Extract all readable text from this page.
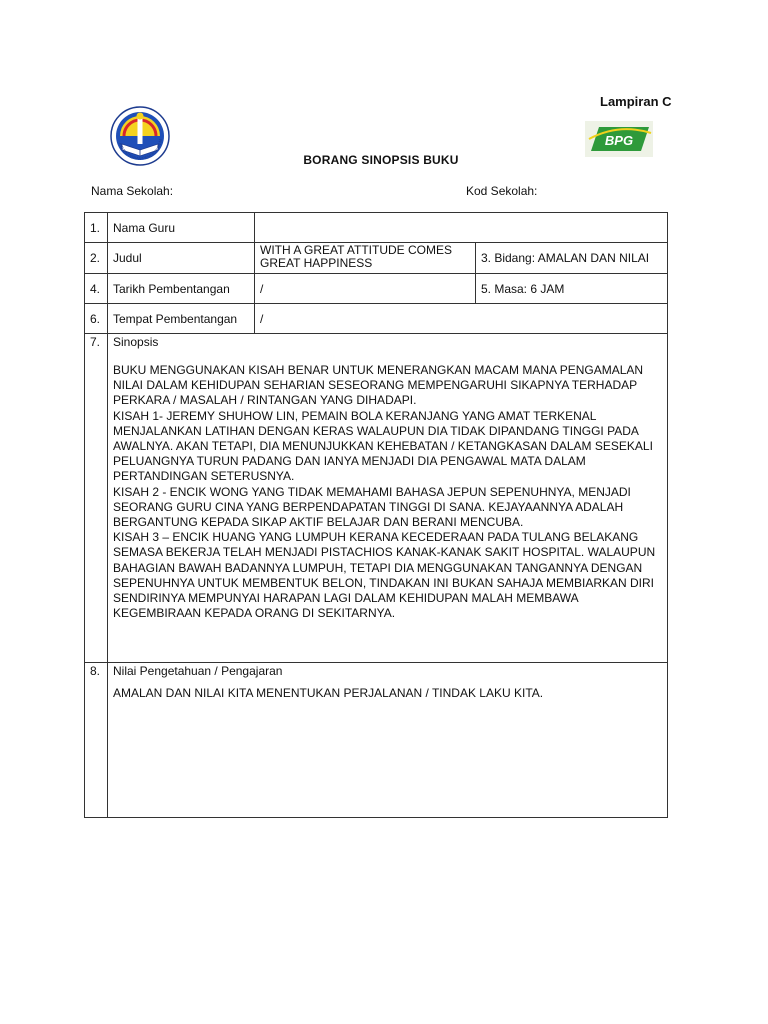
Lampiran C
KEMENTERIAN PENDIDIKAN M	BPG
BORANG SINOPSIS BUKU
Nama Sekolah:	Kod Sekolah:
1.	Nama Guru		
2.	Judul	WITH A GREAT ATTITUDE COMES GREAT HAPPINESS	3. Bidang: AMALAN DAN NILAI
4.	Tarikh Pembentangan	/	5. Masa: 6 JAM
6.	Tempat Pembentangan	/	
7.	Sinopsis

BUKU MENGGUNAKAN KISAH BENAR UNTUK MENERANGKAN MACAM MANA PENGAMALAN NILAI DALAM KEHIDUPAN SEHARIAN SESEORANG MEMPENGARUHI SIKAPNYA TERHADAP PERKARA / MASALAH / RINTANGAN YANG DIHADAPI.

KISAH 1- JEREMY SHUHOW LIN, PEMAIN BOLA KERANJANG YANG AMAT TERKENAL MENJALANKAN LATIHAN DENGAN KERAS WALAUPUN DIA TIDAK DIPANDANG TINGGI PADA AWALNYA. AKAN TETAPI, DIA MENUNJUKKAN KEHEBATAN / KETANGKASAN DALAM SESEKALI PELUANGNYA TURUN PADANG DAN IANYA MENJADI DIA PENGAWAL MATA DALAM PERTANDINGAN SETERUSNYA.

KISAH 2 - ENCIK WONG YANG TIDAK MEMAHAMI BAHASA JEPUN SEPENUHNYA, MENJADI SEORANG GURU CINA YANG BERPENDAPATAN TINGGI DI SANA. KEJAYAANNYA ADALAH BERGANTUNG KEPADA SIKAP AKTIF BELAJAR DAN BERANI MENCUBA.

KISAH 3 – ENCIK HUANG YANG LUMPUH KERANA KECEDERAAN PADA TULANG BELAKANG SEMASA BEKERJA TELAH MENJADI PISTACHIOS KANAK-KANAK SAKIT HOSPITAL. WALAUPUN BAHAGIAN BAWAH BADANNYA LUMPUH, TETAPI DIA MENGGUNAKAN TANGANNYA DENGAN SEPENUHNYA UNTUK MEMBENTUK BELON, TINDAKAN INI BUKAN SAHAJA MEMBIARKAN DIRI SENDIRINYA MEMPUNYAI HARAPAN LAGI DALAM KEHIDUPAN MALAH MEMBAWA KEGEMBIRAAN KEPADA ORANG DI SEKITARNYA.		

8.	Nilai Pengetahuan / Pengajaran
AMALAN DAN NILAI KITA MENENTUKAN PERJALANAN / TINDAK LAKU KITA.		
